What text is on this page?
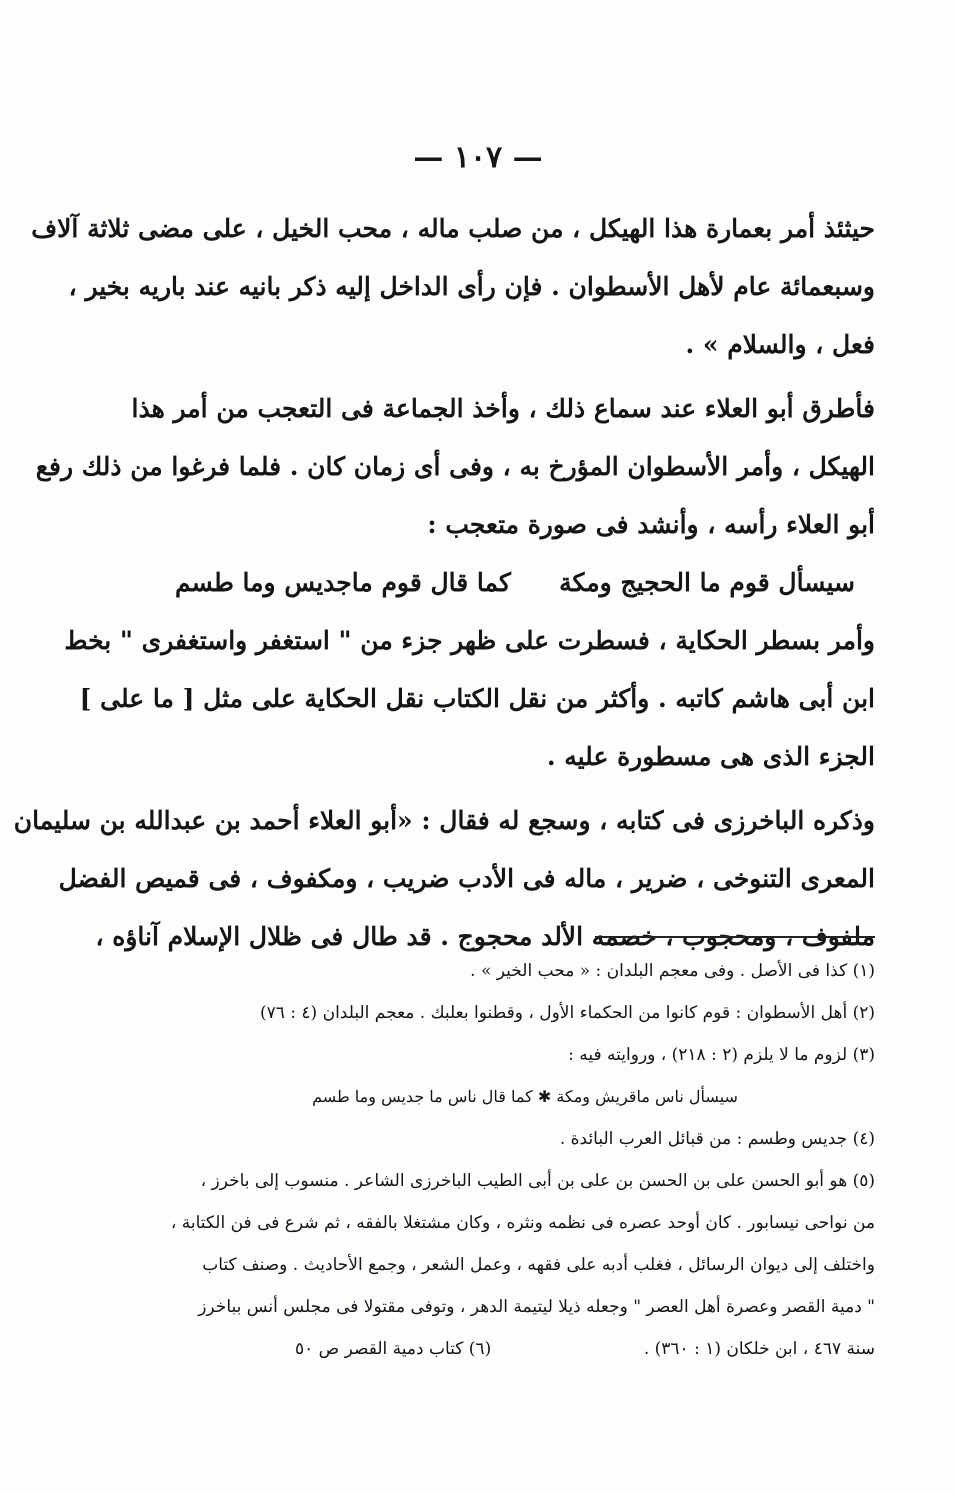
— ١٠٧ —

حيثئذ أمر بعمارة هذا الهيكل ، من صلب ماله ، محب الخيل ، على مضى ثلاثة آلاف
وسبعمائة عام لأهل الأسطوان . فإن رأى الداخل إليه ذكر بانيه عند باريه بخير ،
فعل ، والسلام » .

فأطرق أبو العلاء عند سماع ذلك ، وأخذ الجماعة فى التعجب من أمر هذا
الهيكل ، وأمر الأسطوان المؤرخ به ، وفى أى زمان كان . فلما فرغوا من ذلك رفع
أبو العلاء رأسه ، وأنشد فى صورة متعجب :

سيسأل قوم ما الحجيج ومكة
كما قال قوم ماجديس وما طسم

وأمر بسطر الحكاية ، فسطرت على ظهر جزء من " استغفر واستغفرى " بخط
ابن أبى هاشم كاتبه . وأكثر من نقل الكتاب نقل الحكاية على مثل [ ما على ]
الجزء الذى هى مسطورة عليه .

وذكره الباخرزى فى كتابه ، وسجع له فقال : «أبو العلاء أحمد بن عبدالله بن سليمان
المعرى التنوخى ، ضرير ، ماله فى الأدب ضريب ، ومكفوف ، فى قميص الفضل
ملفوف ، ومحجوب ، خصمه الألد محجوج . قد طال فى ظلال الإسلام آناؤه ،

(١) كذا فى الأصل . وفى معجم البلدان : « محب الخير » .

(٢) أهل الأسطوان : قوم كانوا من الحكماء الأول ، وقطنوا بعلبك . معجم البلدان (٤ : ٧٦)

(٣) لزوم ما لا يلزم (٢ : ٢١٨) ، وروايته فيه :

سيسأل ناس ماقريش ومكة ✱ كما قال ناس ما جديس وما طسم

(٤) جديس وطسم : من قبائل العرب البائدة .

(٥) هو أبو الحسن على بن الحسن بن على بن أبى الطيب الباخرزى الشاعر . منسوب إلى باخرز ،

من نواحى نيسابور . كان أوحد عصره فى نظمه ونثره ، وكان مشتغلا بالفقه ، ثم شرع فى فن الكتابة ،

واختلف إلى ديوان الرسائل ، فغلب أدبه على فقهه ، وعمل الشعر ، وجمع الأحاديث . وصنف كتاب

" دمية القصر وعصرة أهل العصر " وجعله ذيلا ليتيمة الدهر ، وتوفى مقتولا فى مجلس أنس بباخرز

سنة ٤٦٧ ، ابن خلكان (١ : ٣٦٠) .
(٦) كتاب دمية القصر ص ٥٠
